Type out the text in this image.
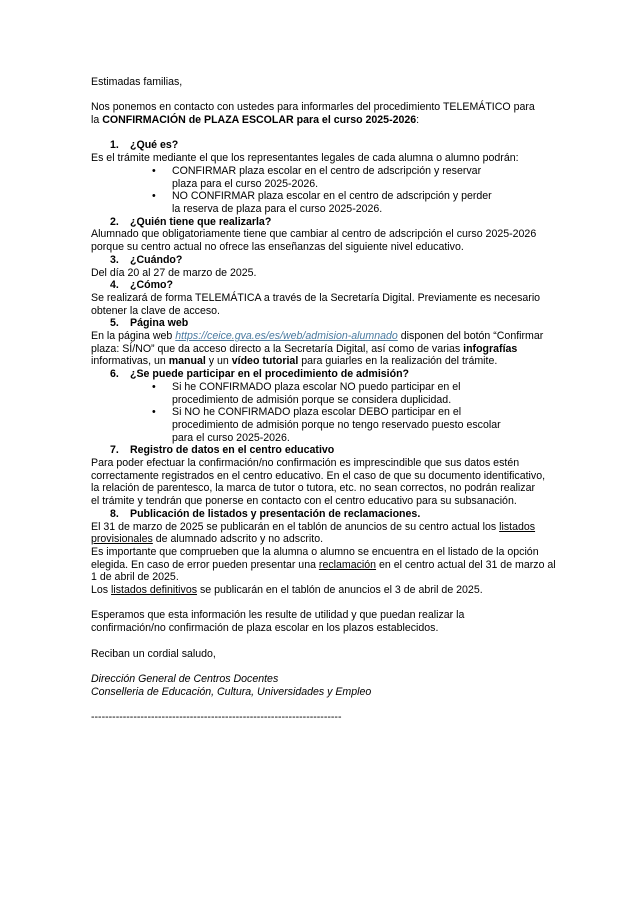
Estimadas familias,

Nos ponemos en contacto con ustedes para informarles del procedimiento TELEMÁTICO para
la CONFIRMACIÓN de PLAZA ESCOLAR para el curso 2025-2026:

1. ¿Qué es?

Es el trámite mediante el que los representantes legales de cada alumna o alumno podrán:

• CONFIRMAR plaza escolar en el centro de adscripción y reservar plaza para el curso 2025-2026.
• NO CONFIRMAR plaza escolar en el centro de adscripción y perder la reserva de plaza para el curso 2025-2026.
2. ¿Quién tiene que realizarla?

Alumnado que obligatoriamente tiene que cambiar al centro de adscripción el curso 2025-2026 porque su centro actual no ofrece las enseñanzas del siguiente nivel educativo.

3. ¿Cuándo?

Del día 20 al 27 de marzo de 2025.

4. ¿Cómo?

Se realizará de forma TELEMÁTICA a través de la Secretaría Digital. Previamente es necesario obtener la clave de acceso.

5. Página web

En la página web https://ceice.gva.es/es/web/admision-alumnado disponen del botón “Confirmar plaza: SÍ/NO” que da acceso directo a la Secretaría Digital, así como de varias infografías informativas, un manual y un vídeo tutorial para guiarles en la realización del trámite.

6. ¿Se puede participar en el procedimiento de admisión?
• Si he CONFIRMADO plaza escolar NO puedo participar en el procedimiento de admisión porque se considera duplicidad.
• Si NO he CONFIRMADO plaza escolar DEBO participar en el procedimiento de admisión porque no tengo reservado puesto escolar para el curso 2025-2026.
7. Registro de datos en el centro educativo

Para poder efectuar la confirmación/no confirmación es imprescindible que sus datos estén correctamente registrados en el centro educativo. En el caso de que su documento identificativo, la relación de parentesco, la marca de tutor o tutora, etc. no sean correctos, no podrán realizar el trámite y tendrán que ponerse en contacto con el centro educativo para su subsanación.

8. Publicación de listados y presentación de reclamaciones.

El 31 de marzo de 2025 se publicarán en el tablón de anuncios de su centro actual los listados provisionales de alumnado adscrito y no adscrito.

Es importante que comprueben que la alumna o alumno se encuentra en el listado de la opción elegida. En caso de error pueden presentar una reclamación en el centro actual del 31 de marzo al 1 de abril de 2025.

Los listados definitivos se publicarán en el tablón de anuncios el 3 de abril de 2025.

Esperamos que esta información les resulte de utilidad y que puedan realizar la confirmación/no confirmación de plaza escolar en los plazos establecidos.

Reciban un cordial saludo,

Dirección General de Centros Docentes

Conselleria de Educación, Cultura, Universidades y Empleo

-----------------------------------------------------------------------
